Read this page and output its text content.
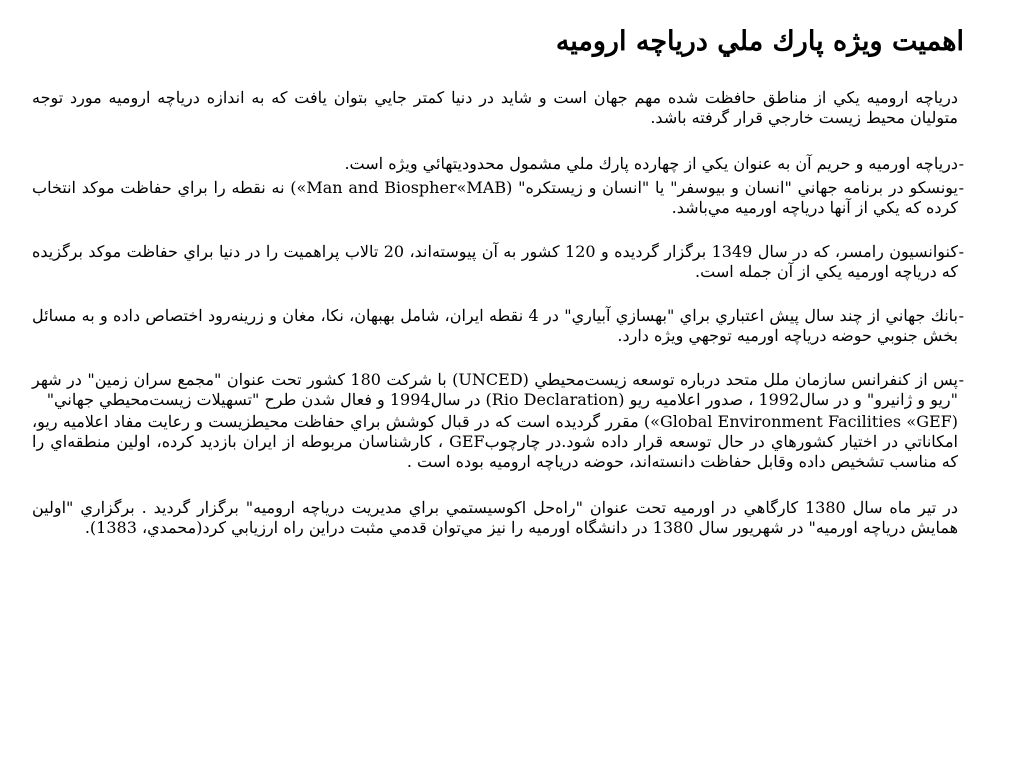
اهميت ويژه پارك ملي درياچه اروميه

درياچه اروميه يكي از مناطق حافظت شده مهم جهان است و شايد در دنيا كمتر جايي بتوان يافت كه به اندازه درياچه اروميه مورد توجه متوليان محيط زيست خارجي قرار گرفته باشد.

-
درياچه اورميه و حريم آن به عنوان يكي از چهارده پارك ملي مشمول محدوديتهائي ويژه است.
-
يونسكو در برنامه جهاني "انسان و بيوسفر" يا "انسان و زيستكره" (Man and Biospher«MAB») نه نقطه را براي حفاظت موكد انتخاب كرده كه يكي از آنها درياچه اورميه مي‌باشد.
-
كنوانسيون رامسر، كه در سال 1349 برگزار گرديده و 120 كشور به آن پيوسته‌اند، 20 تالاب پراهميت را در دنيا براي حفاظت موكد برگزيده كه درياچه اورميه يكي از آن جمله است.
-
بانك جهاني از چند سال پيش اعتباري براي "بهسازي آبياري" در 4 نقطه ايران، شامل بهبهان، نكا، مغان و زرينه‌رود اختصاص داده و به مسائل بخش جنوبي حوضه درياچه اورميه توجهي ويژه دارد.
-
پس از كنفرانس سازمان ملل متحد درباره توسعه زيست‌محيطي (UNCED) با شركت 180 كشور تحت عنوان "مجمع سران زمين" در شهر "ريو و ژانيرو" و در سال1992 ، صدور اعلاميه ريو (Rio Declaration) در سال1994 و فعال شدن طرح "تسهيلات زيست‌محيطي جهاني"

(Global Environment Facilities «GEF») مقرر گرديده است كه در قبال كوشش براي حفاظت محيطزيست و رعايت مفاد اعلاميه ريو، امكاناتي در اختيار كشورهاي در حال توسعه قرار داده شود.در چارچوبGEF ، كارشناسان مربوطه از ايران بازديد كرده، اولين منطقه‌اي را كه مناسب تشخيص داده وقابل حفاظت دانسته‌اند، حوضه درياچه اروميه بوده است .

در تير ماه سال 1380 كارگاهي در اورميه تحت عنوان "راه‌حل اكوسيستمي براي مديريت درياچه اروميه" برگزار گرديد . برگزاري "اولين همايش درياچه اورميه" در شهريور سال 1380 در دانشگاه اورميه را نيز مي‌توان قدمي مثبت دراين راه ارزيابي كرد(محمدي، 1383).
